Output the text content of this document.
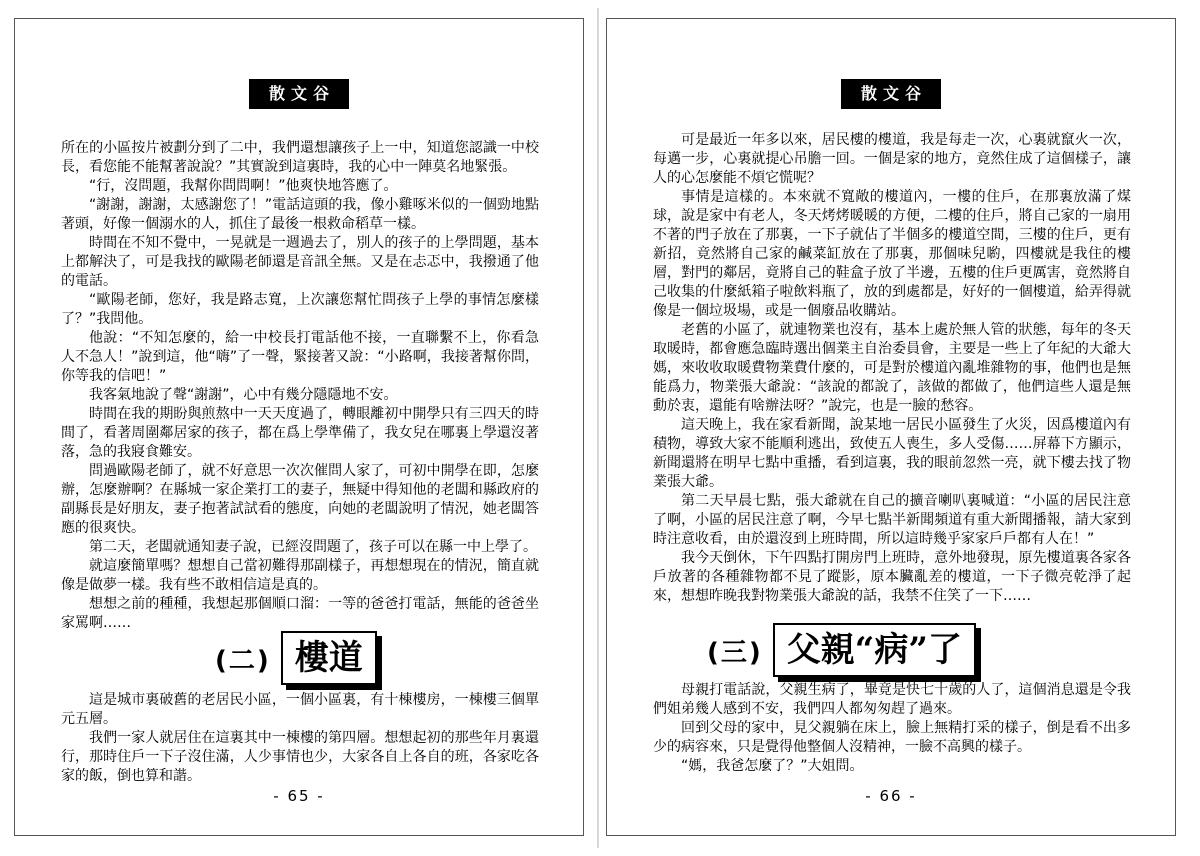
散文谷

所在的小區按片被劃分到了二中，我們還想讓孩子上一中，知道您認識一中校長，看您能不能幫著說說？”其實說到這裏時，我的心中一陣莫名地緊張。

“行，沒問題，我幫你問問啊！”他爽快地答應了。

“謝謝，謝謝，太感謝您了！”電話這頭的我，像小雞啄米似的一個勁地點著頭，好像一個溺水的人，抓住了最後一根救命稻草一樣。

時間在不知不覺中，一晃就是一週過去了，別人的孩子的上學問題，基本上都解決了，可是我找的歐陽老師還是音訊全無。又是在忐忑中，我撥通了他的電話。

“歐陽老師，您好，我是路志寬，上次讓您幫忙問孩子上學的事情怎麼樣了？”我問他。

他說：“不知怎麼的，給一中校長打電話他不接，一直聯繫不上，你看急人不急人！”說到這，他“嗨”了一聲，緊接著又說：“小路啊，我接著幫你問，你等我的信吧！”

我客氣地說了聲“謝謝”，心中有幾分隱隱地不安。

時間在我的期盼與煎熬中一天天度過了，轉眼離初中開學只有三四天的時間了，看著周圍鄰居家的孩子，都在爲上學準備了，我女兒在哪裏上學還沒著落，急的我寢食難安。

問過歐陽老師了，就不好意思一次次催問人家了，可初中開學在即，怎麼辦，怎麼辦啊？在縣城一家企業打工的妻子，無疑中得知他的老闆和縣政府的副縣長是好朋友，妻子抱著試試看的態度，向她的老闆說明了情況，她老闆答應的很爽快。

第二天，老闆就通知妻子說，已經沒問題了，孩子可以在縣一中上學了。

就這麼簡單嗎？想想自己當初難得那副樣子，再想想現在的情況，簡直就像是做夢一樣。我有些不敢相信這是真的。

想想之前的種種，我想起那個順口溜：一等的爸爸打電話，無能的爸爸坐家罵啊……

(二) 樓道

這是城市裏破舊的老居民小區，一個小區裏，有十棟樓房，一棟樓三個單元五層。

我們一家人就居住在這裏其中一棟樓的第四層。想想起初的那些年月裏還行，那時住戶一下子沒住滿，人少事情也少，大家各自上各自的班，各家吃各家的飯，倒也算和諧。

- 65 -
散文谷

可是最近一年多以來，居民樓的樓道，我是每走一次，心裏就竄火一次，每邁一步，心裏就提心吊膽一回。一個是家的地方，竟然住成了這個樣子，讓人的心怎麼能不煩它慌呢？

事情是這樣的。本來就不寬敞的樓道內，一樓的住戶，在那裏放滿了煤球，說是家中有老人，冬天烤烤暖暖的方便，二樓的住戶，將自己家的一扇用不著的門子放在了那裏，一下子就佔了半個多的樓道空間，三樓的住戶，更有新招，竟然將自己家的鹹菜缸放在了那裏，那個味兒喲，四樓就是我住的樓層，對門的鄰居，竟將自己的鞋盒子放了半邊，五樓的住戶更厲害，竟然將自己收集的什麼紙箱子啦飲料瓶了，放的到處都是，好好的一個樓道，給弄得就像是一個垃圾場，或是一個廢品收購站。

老舊的小區了，就連物業也沒有，基本上處於無人管的狀態，每年的冬天取暖時，都會應急臨時選出個業主自治委員會，主要是一些上了年紀的大爺大媽，來收收取暖費物業費什麼的，可是對於樓道內亂堆雜物的事，他們也是無能爲力，物業張大爺說：“該說的都說了，該做的都做了，他們這些人還是無動於衷，還能有啥辦法呀？”說完，也是一臉的愁容。

這天晚上，我在家看新聞，說某地一居民小區發生了火災，因爲樓道內有積物，導致大家不能順利逃出，致使五人喪生，多人受傷……屏幕下方顯示，新聞還將在明早七點中重播，看到這裏，我的眼前忽然一亮，就下樓去找了物業張大爺。

第二天早晨七點，張大爺就在自己的擴音喇叭裏喊道：“小區的居民注意了啊，小區的居民注意了啊，今早七點半新聞頻道有重大新聞播報，請大家到時注意收看，由於還沒到上班時間，所以這時幾乎家家戶戶都有人在！”

我今天倒休，下午四點打開房門上班時，意外地發現，原先樓道裏各家各戶放著的各種雜物都不見了蹤影，原本臟亂差的樓道，一下子微亮乾淨了起來，想想昨晚我對物業張大爺說的話，我禁不住笑了一下……

(三) 父親“病”了

母親打電話說，父親生病了，畢竟是快七十歲的人了，這個消息還是令我們姐弟幾人感到不安，我們四人都匆匆趕了過來。

回到父母的家中，見父親躺在床上，臉上無精打采的樣子，倒是看不出多少的病容來，只是覺得他整個人沒精神，一臉不高興的樣子。

“媽，我爸怎麼了？”大姐問。

- 66 -
